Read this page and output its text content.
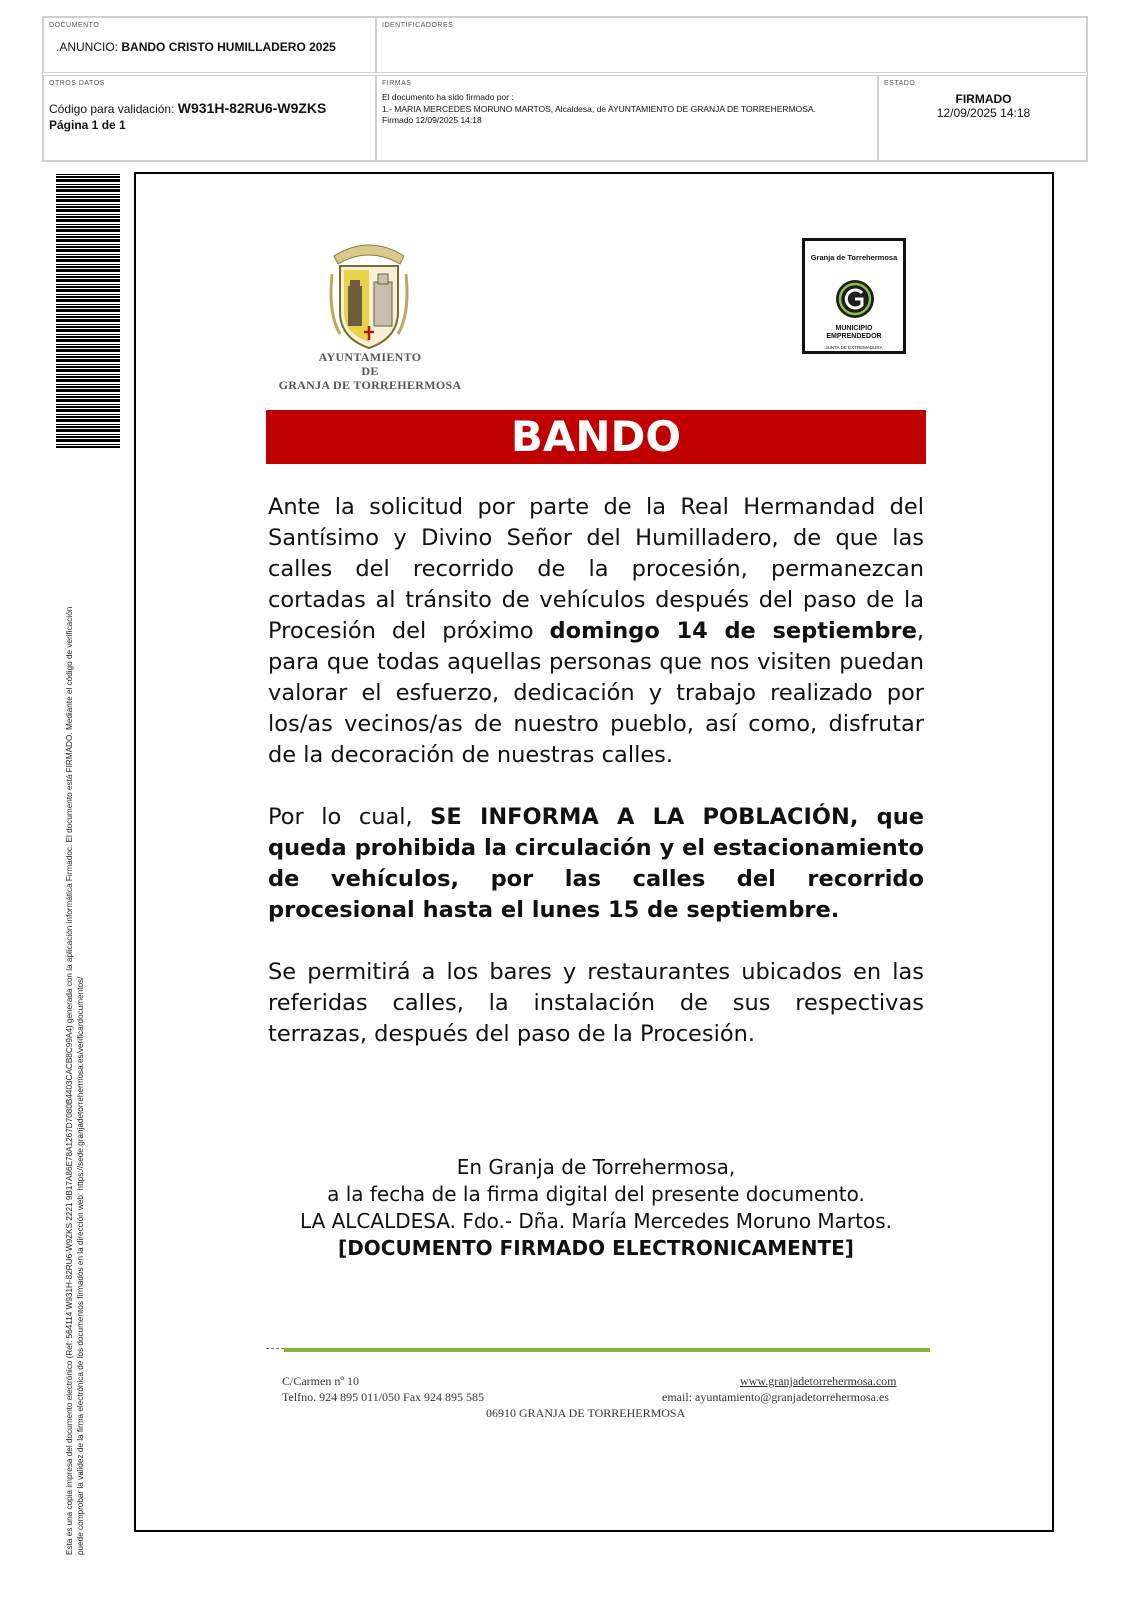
DOCUMENTO
.ANUNCIO: BANDO CRISTO HUMILLADERO 2025
IDENTIFICADORES
OTROS DATOS
Código para validación: W931H-82RU6-W9ZKS
Página 1 de 1
FIRMAS
El documento ha sido firmado por :
1.- MARIA MERCEDES MORUNO MARTOS, Alcaldesa, de AYUNTAMIENTO DE GRANJA DE TORREHERMOSA.
Firmado 12/09/2025 14:18
ESTADO
FIRMADO
12/09/2025 14:18
Esta es una copia impresa del documento electrónico (Ref: 564114 W931H-82RU6-W9ZKS 2221 9B17A86E78A1267D7080B4403CACB8C99A4) generada con la aplicación informática Firmadoc. El documento está FIRMADO. Mediante el código de verificación puede comprobar la validez de la firma electrónica de los documentos firmados en la dirección web: https://sede.granjadetorrehermosa.es/verificardocumentos/
AYUNTAMIENTO
DE
GRANJA DE TORREHERMOSA
Granja de Torrehermosa
MUNICIPIO
EMPRENDEDOR
JUNTA DE EXTREMADURA
BANDO

Ante la solicitud por parte de la Real Hermandad del Santísimo y Divino Señor del Humilladero, de que las calles del recorrido de la procesión, permanezcan cortadas al tránsito de vehículos después del paso de la Procesión del próximo domingo 14 de septiembre, para que todas aquellas personas que nos visiten puedan valorar el esfuerzo, dedicación y trabajo realizado por los/as vecinos/as de nuestro pueblo, así como, disfrutar de la decoración de nuestras calles.

Por lo cual, SE INFORMA A LA POBLACIÓN, que queda prohibida la circulación y el estacionamiento de vehículos, por las calles del recorrido procesional hasta el lunes 15 de septiembre.

Se permitirá a los bares y restaurantes ubicados en las referidas calles, la instalación de sus respectivas terrazas, después del paso de la Procesión.

En Granja de Torrehermosa,
a la fecha de la firma digital del presente documento.
LA ALCALDESA. Fdo.- Dña. María Mercedes Moruno Martos.
[DOCUMENTO FIRMADO ELECTRONICAMENTE]
C/Carmen nº 10
Telfno. 924 895 011/050 Fax 924 895 585
www.granjadetorrehermosa.com
email: ayuntamiento@granjadetorrehermosa.es
06910 GRANJA DE TORREHERMOSA
